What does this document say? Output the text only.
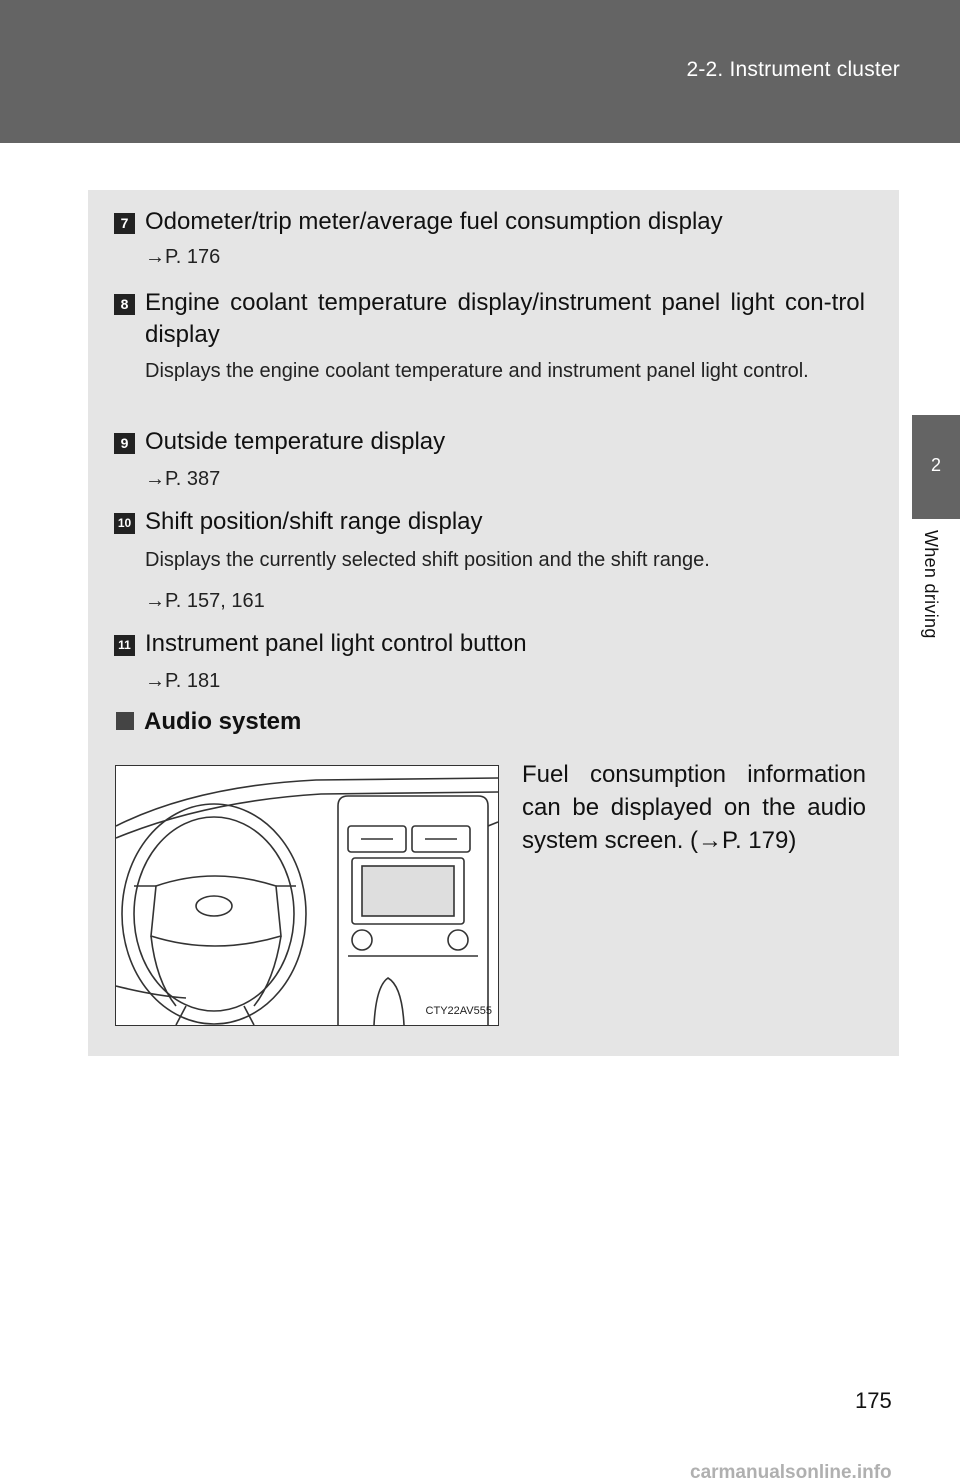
2-2. Instrument cluster
2
When driving
7 Odometer/trip meter/average fuel consumption display
→P. 176
8 Engine coolant temperature display/instrument panel light con-trol display
Displays the engine coolant temperature and instrument panel light control.
9 Outside temperature display
→P. 387
10 Shift position/shift range display
Displays the currently selected shift position and the shift range.
→P. 157, 161
11 Instrument panel light control button
→P. 181
Audio system
CTY22AV555
Fuel consumption information can be displayed on the audio system screen. (→P. 179)
175
carmanualsonline.info
